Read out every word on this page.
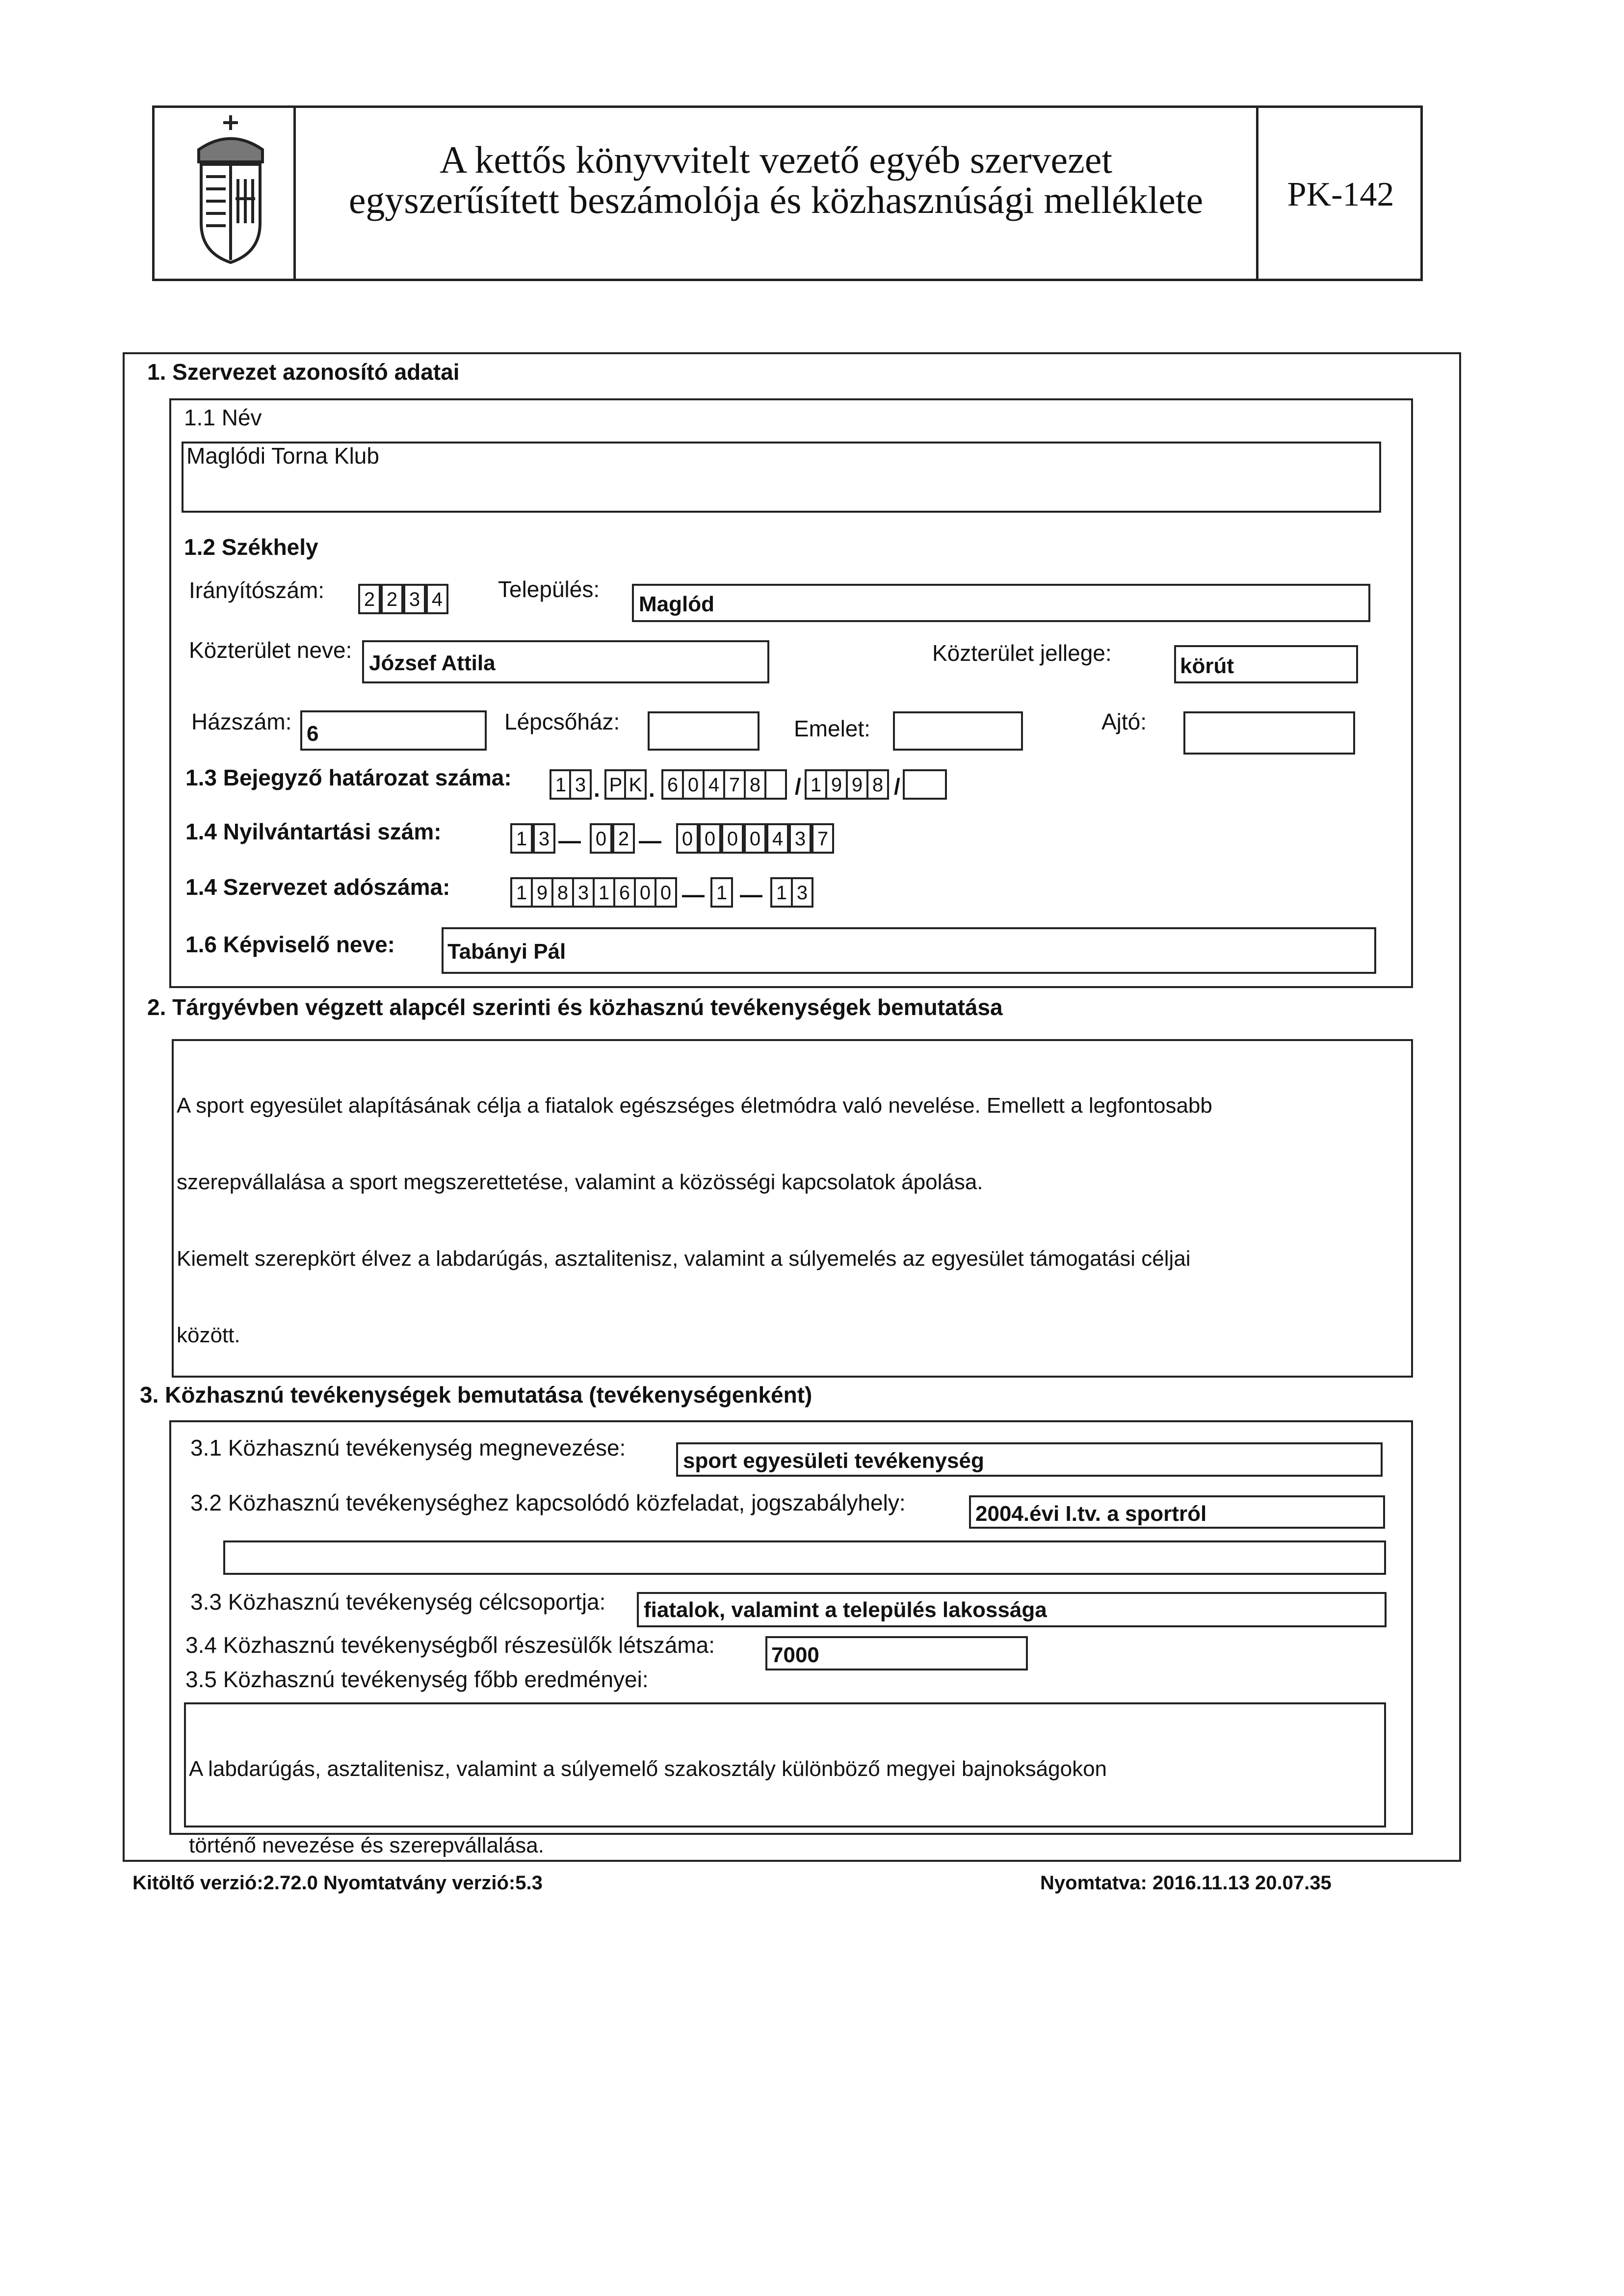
A kettős könyvvitelt vezető egyéb szervezet
egyszerűsített beszámolója és közhasznúsági melléklete	PK-142
1. Szervezet azonosító adatai
1.1 Név
Maglódi Torna Klub
1.2 Székhely
Irányítószám: 2 2 3 4 Település:
Maglód
Közterület neve:
József Attila	Közterület jellege:
körút
Házszám: 6	Lépcsőház:	Emelet:	Ajtó:
1.3 Bejegyző határozat száma: 1 3 . P K . 6 0 4 7 8 / 1 9 9 8 /
1.4 Nyilvántartási szám:	1 3 — 0 2 — 0 0 0 0 4 3 7
1.4 Szervezet adószáma:	1 9 8 3 1 6 0 0 — 1 — 1 3
1.6 Képviselő neve: Tabányi Pál
2. Tárgyévben végzett alapcél szerinti és közhasznú tevékenységek bemutatása

A sport egyesület alapításának célja a fiatalok egészséges életmódra való nevelése. Emellett a legfontosabb

szerepvállalása a sport megszerettetése, valamint a közösségi kapcsolatok ápolása.

Kiemelt szerepkört élvez a labdarúgás, asztalitenisz, valamint a súlyemelés az egyesület támogatási céljai

között.

3. Közhasznú tevékenységek bemutatása (tevékenységenként)
3.1 Közhasznú tevékenység megnevezése:
sport egyesületi tevékenység
3.2 Közhasznú tevékenységhez kapcsolódó közfeladat, jogszabályhely:	2004.évi I.tv. a sportról
3.3 Közhasznú tevékenység célcsoportja: fiatalok, valamint a település lakossága
3.4 Közhasznú tevékenységből részesülők létszáma:	7000
3.5 Közhasznú tevékenység főbb eredményei:

A labdarúgás, asztalitenisz, valamint a súlyemelő szakosztály különböző megyei bajnokságokon

történő nevezése és szerepvállalása.

Kitöltő verzió:2.72.0 Nyomtatvány verzió:5.3	Nyomtatva: 2016.11.13 20.07.35
